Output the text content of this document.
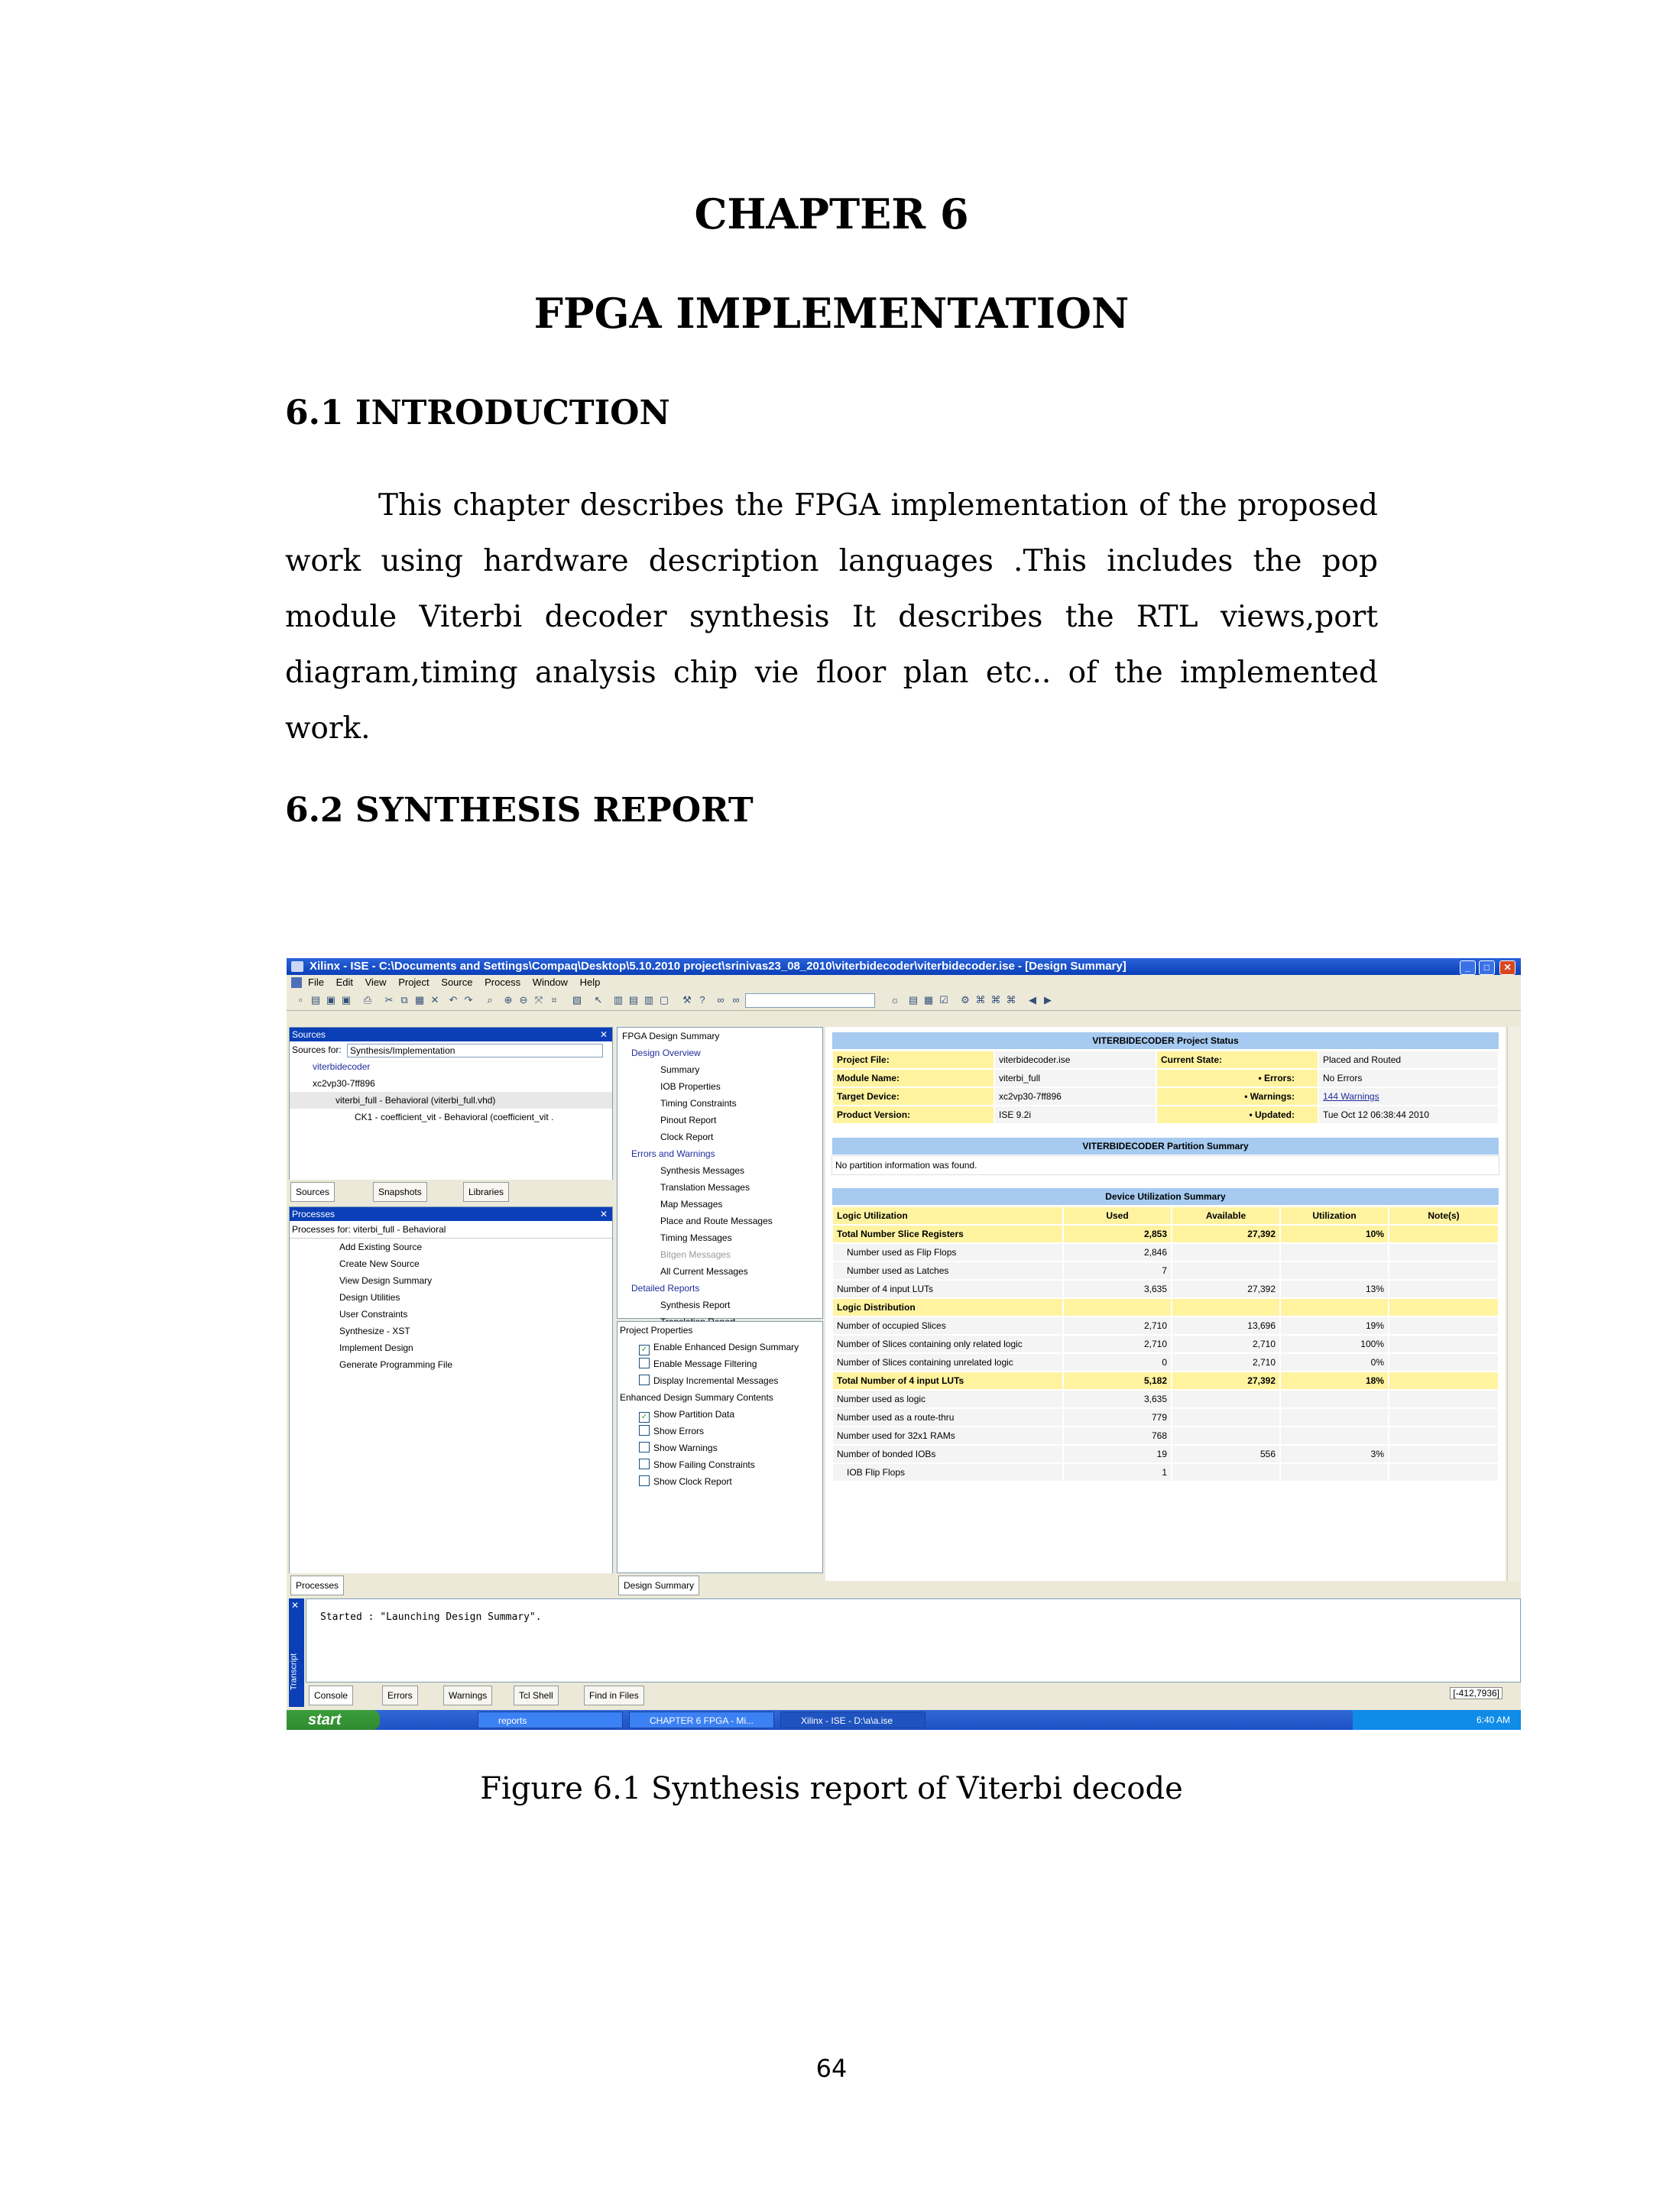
CHAPTER 6
FPGA IMPLEMENTATION
6.1 INTRODUCTION

This chapter describes the FPGA implementation of the proposed work using hardware description languages .This includes the pop module Viterbi decoder synthesis It describes the RTL views,port diagram,timing analysis chip vie floor plan etc.. of the implemented work.

6.2 SYNTHESIS REPORT
Xilinx - ISE - C:\Documents and Settings\Compaq\Desktop\5.10.2010 project\srinivas23_08_2010\viterbidecoder\viterbidecoder.ise - [Design Summary]	_	□	✕
File Edit View Project Source Process Window Help
▫ ▤ ▣ ▣ ⎙ ✂ ⧉ ▦ ✕ ↶ ↷	⌕	⊕ ⊖ ⤧ ⌗	▧ ↖ ▥ ▤ ▥ ▢ ⚒ ?	∞ ∞	☼ ▤ ▦ ☑ ⚙ ⌘ ⌘ ⌘ ◀ ▶
Sources	✕
Sources for: Synthesis/Implementation
viterbidecoder
xc2vp30-7ff896
viterbi_full - Behavioral (viterbi_full.vhd)
CK1 - coefficient_vit - Behavioral (coefficient_vit .
Sources	Snapshots	Libraries
Processes	✕
Processes for: viterbi_full - Behavioral
Add Existing Source
Create New Source
View Design Summary
Design Utilities
User Constraints
Synthesize - XST
Implement Design
Generate Programming File
Processes
FPGA Design Summary
Design Overview
Summary
IOB Properties
Timing Constraints
Pinout Report
Clock Report
Errors and Warnings
Synthesis Messages
Translation Messages
Map Messages
Place and Route Messages
Timing Messages
Bitgen Messages
All Current Messages
Detailed Reports
Synthesis Report
Project Properties
✓ Enable Enhanced Design Summary
Enable Message Filtering
Display Incremental Messages
Enhanced Design Summary Contents
✓ Show Partition Data
Show Errors
Show Warnings
Show Failing Constraints
Show Clock Report
Design Summary
VITERBIDECODER Project Status
Project File:	viterbidecoder.ise	Current State:	Placed and Routed
Module Name:	viterbi_full	• Errors:	No Errors
Target Device:	xc2vp30-7ff896	• Warnings:	144 Warnings
Product Version:	ISE 9.2i	• Updated:	Tue Oct 12 06:38:44 2010
VITERBIDECODER Partition Summary
No partition information was found.
Device Utilization Summary
Logic Utilization	Used	Available	Utilization	Note(s)
Total Number Slice Registers	2,853	27,392	10%	
Number used as Flip Flops	2,846			
Number used as Latches	7			
Number of 4 input LUTs	3,635	27,392	13%	
Logic Distribution				
Number of occupied Slices	2,710	13,696	19%	
Number of Slices containing only related logic	2,710	2,710	100%	
Number of Slices containing unrelated logic	0	2,710	0%	
Total Number of 4 input LUTs	5,182	27,392	18%	
Number used as logic	3,635			
Number used as a route-thru	779			
Number used for 32x1 RAMs	768			
Number of bonded IOBs	19	556	3%	
IOB Flip Flops	1			
✕
Transcript
Started : "Launching Design Summary".
Console	Errors	Warnings	Tcl Shell	Find in Files	[-412,7936]
start	reports	CHAPTER 6 FPGA - Mi...	Xilinx - ISE - D:\a\a.ise	6:40 AM
Figure 6.1 Synthesis report of Viterbi decode
64
